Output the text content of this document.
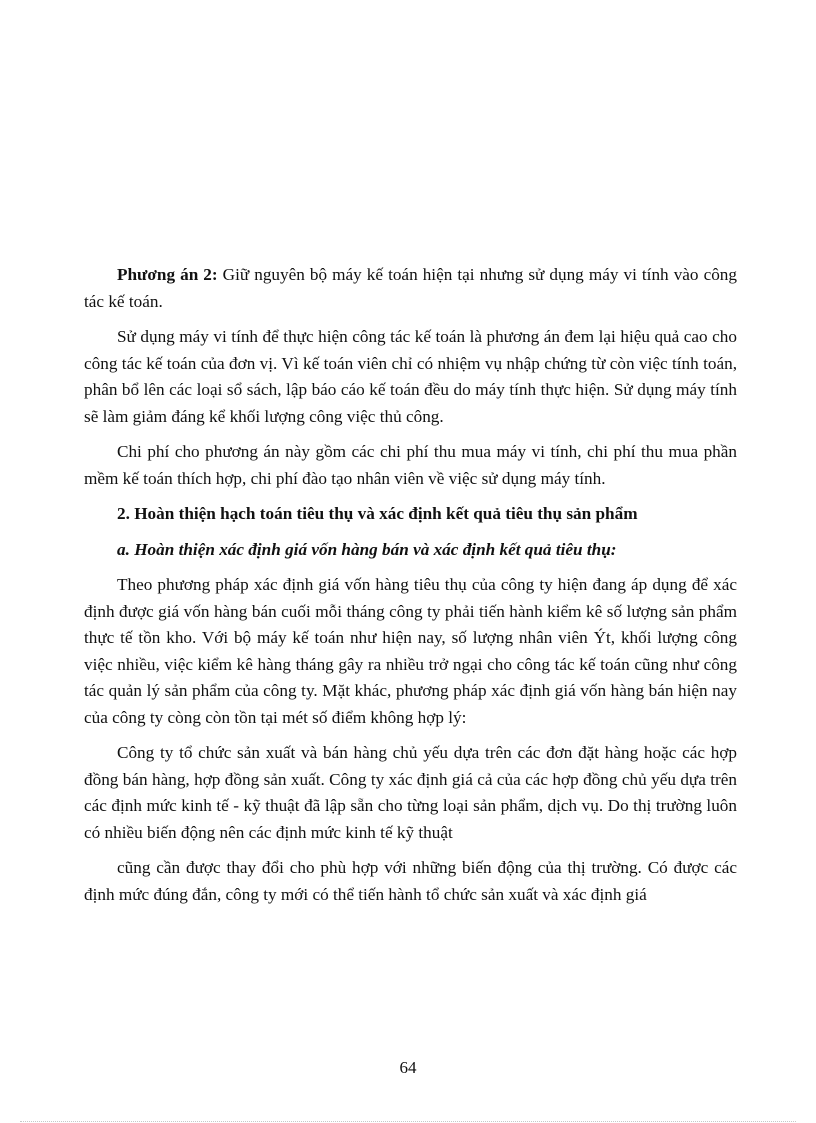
Phương án 2: Giữ nguyên bộ máy kế toán hiện tại nhưng sử dụng máy vi tính vào công tác kế toán.

Sử dụng máy vi tính để thực hiện công tác kế toán là phương án đem lại hiệu quả cao cho công tác kế toán của đơn vị. Vì kế toán viên chỉ có nhiệm vụ nhập chứng từ còn việc tính toán, phân bổ lên các loại sổ sách, lập báo cáo kế toán đều do máy tính thực hiện. Sử dụng máy tính sẽ làm giảm đáng kể khối lượng công việc thủ công.

Chi phí cho phương án này gồm các chi phí thu mua máy vi tính, chi phí thu mua phần mềm kế toán thích hợp, chi phí đào tạo nhân viên về việc sử dụng máy tính.

2. Hoàn thiện hạch toán tiêu thụ và xác định kết quả tiêu thụ sản phẩm

a. Hoàn thiện xác định giá vốn hàng bán và xác định kết quả tiêu thụ:

Theo phương pháp xác định giá vốn hàng tiêu thụ của công ty hiện đang áp dụng để xác định được giá vốn hàng bán cuối mỗi tháng công ty phải tiến hành kiểm kê số lượng sản phẩm thực tế tồn kho. Với bộ máy kế toán như hiện nay, số lượng nhân viên Ýt, khối lượng công việc nhiều, việc kiểm kê hàng tháng gây ra nhiều trở ngại cho công tác kế toán cũng như công tác quản lý sản phẩm của công ty. Mặt khác, phương pháp xác định giá vốn hàng bán hiện nay của công ty còng còn tồn tại mét số điểm không hợp lý:

Công ty tổ chức sản xuất và bán hàng chủ yếu dựa trên các đơn đặt hàng hoặc các hợp đồng bán hàng, hợp đồng sản xuất. Công ty xác định giá cả của các hợp đồng chủ yếu dựa trên các định mức kinh tế - kỹ thuật đã lập sẵn cho từng loại sản phẩm, dịch vụ. Do thị trường luôn có nhiều biến động nên các định mức kinh tế kỹ thuật

cũng cần được thay đổi cho phù hợp với những biến động của thị trường. Có được các định mức đúng đắn, công ty mới có thể tiến hành tổ chức sản xuất và xác định giá

64
